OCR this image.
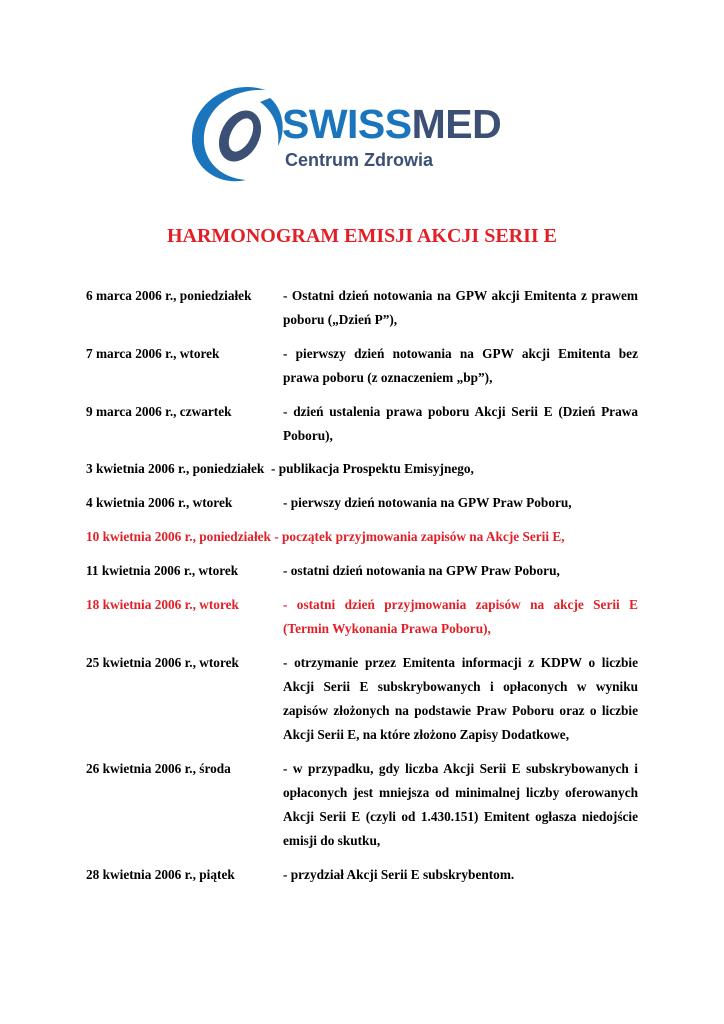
SWISSMED
Centrum Zdrowia
HARMONOGRAM EMISJI AKCJI SERII E
6 marca 2006 r., poniedziałek - Ostatni dzień notowania na GPW akcji Emitenta z prawem poboru („Dzień P”),
7 marca 2006 r., wtorek	- pierwszy dzień notowania na GPW akcji Emitenta bez prawa poboru (z oznaczeniem „bp”),
9 marca 2006 r., czwartek	- dzień ustalenia prawa poboru Akcji Serii E (Dzień Prawa Poboru),
3 kwietnia 2006 r., poniedziałek - publikacja Prospektu Emisyjnego,
4 kwietnia 2006 r., wtorek	- pierwszy dzień notowania na GPW Praw Poboru,
10 kwietnia 2006 r., poniedziałek - początek przyjmowania zapisów na Akcje Serii E,
11 kwietnia 2006 r., wtorek	- ostatni dzień notowania na GPW Praw Poboru,
18 kwietnia 2006 r., wtorek	- ostatni dzień przyjmowania zapisów na akcje Serii E (Termin Wykonania Prawa Poboru),
25 kwietnia 2006 r., wtorek	- otrzymanie przez Emitenta informacji z KDPW o liczbie Akcji Serii E subskrybowanych i opłaconych w wyniku zapisów złożonych na podstawie Praw Poboru oraz o liczbie Akcji Serii E, na które złożono Zapisy Dodatkowe,
26 kwietnia 2006 r., środa	- w przypadku, gdy liczba Akcji Serii E subskrybowanych i opłaconych jest mniejsza od minimalnej liczby oferowanych Akcji Serii E (czyli od 1.430.151) Emitent ogłasza niedojście emisji do skutku,
28 kwietnia 2006 r., piątek	- przydział Akcji Serii E subskrybentom.
